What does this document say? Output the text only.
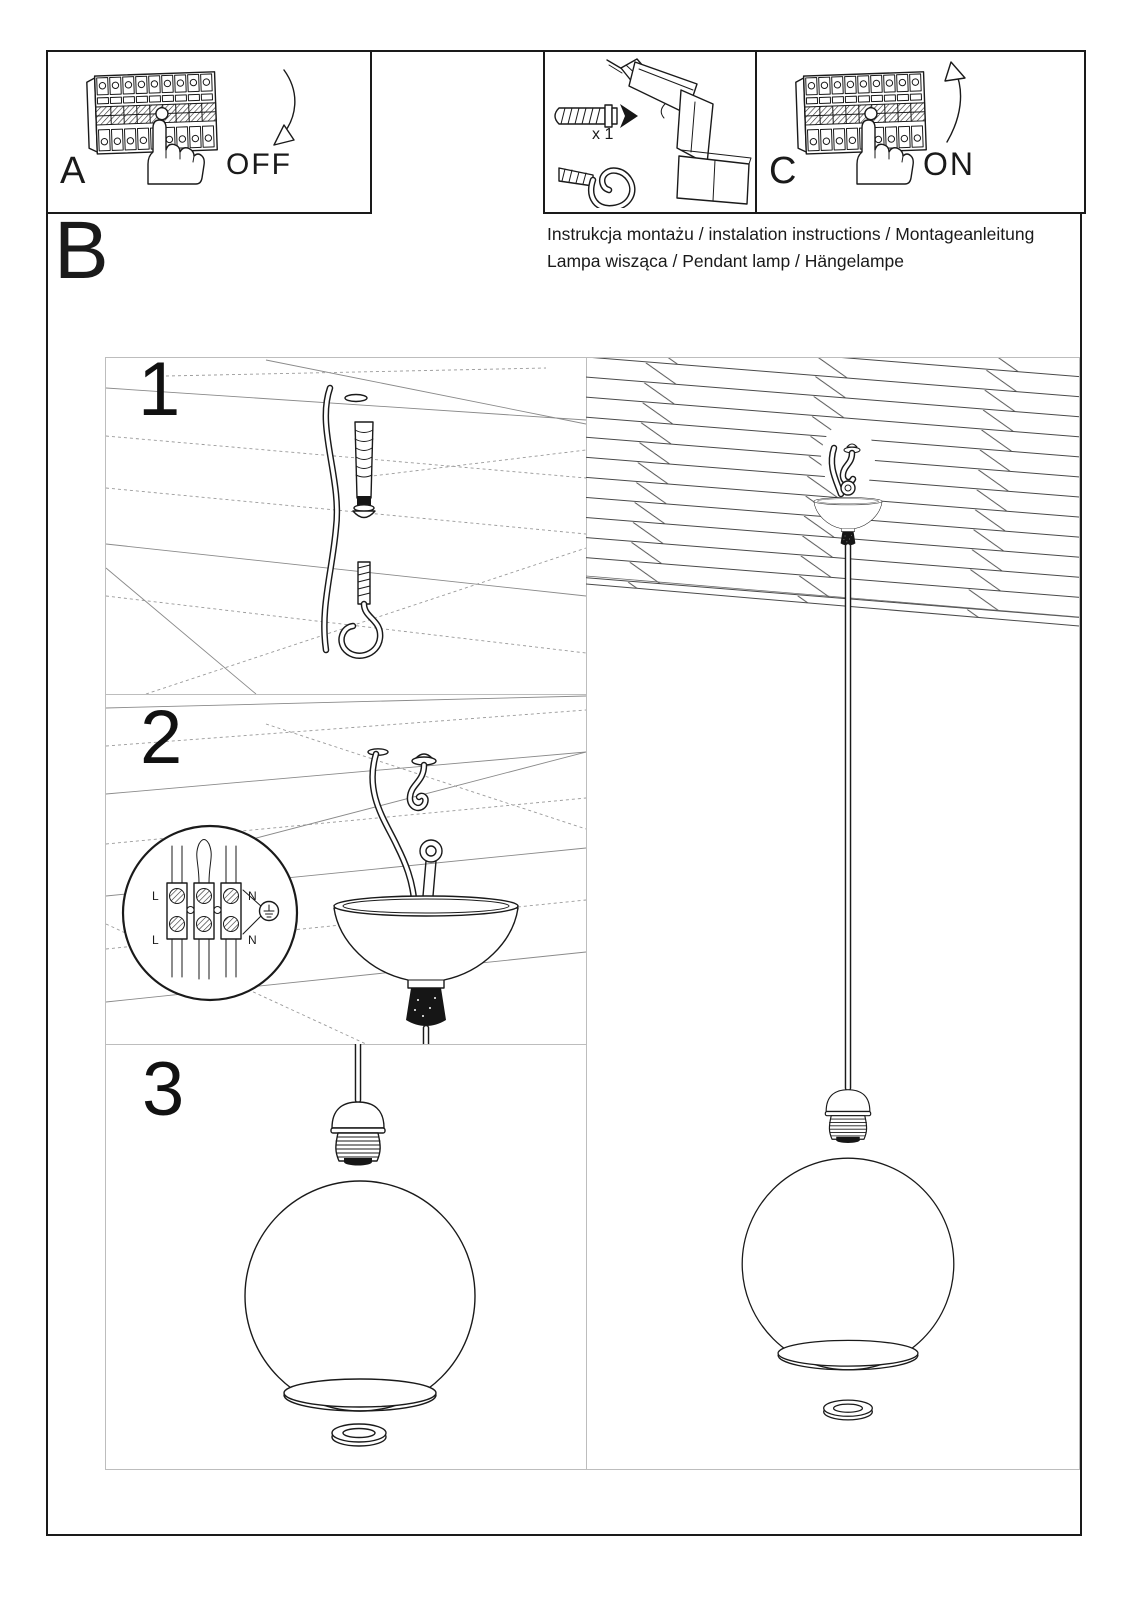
A	OFF
x 1
C	ON
Instrukcja montażu / instalation instructions / Montageanleitung
Lampa wisząca / Pendant lamp / Hängelampe
B
L	N
L	N
1
2
3
